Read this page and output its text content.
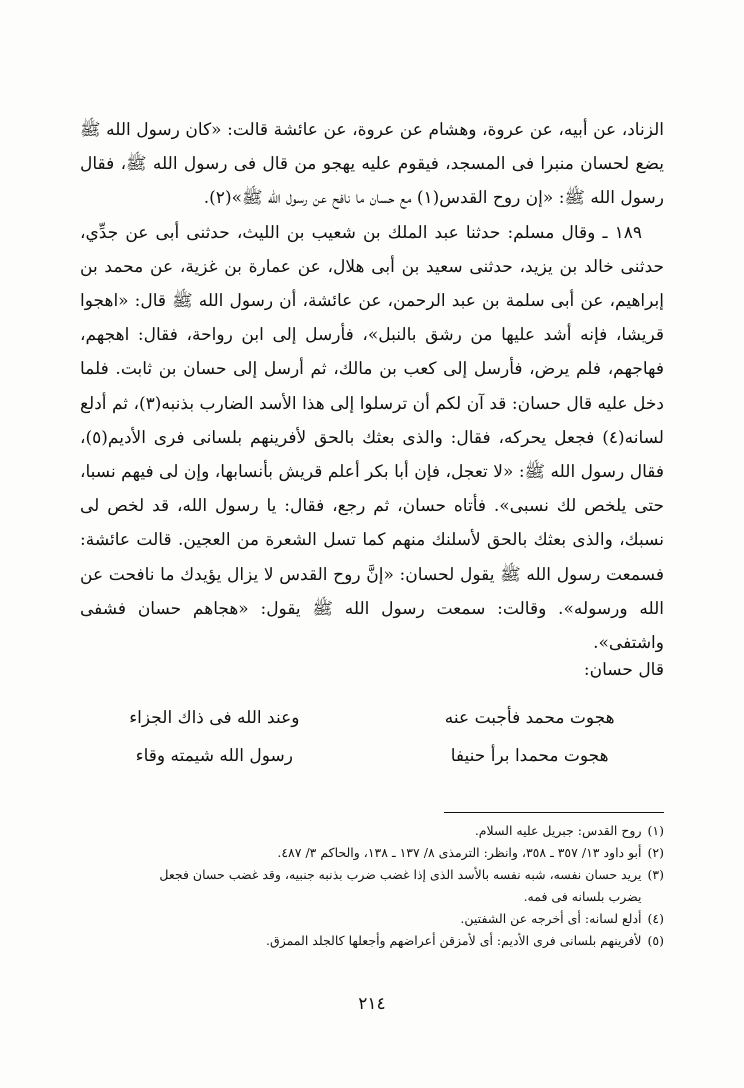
الزناد، عن أبيه، عن عروة، وهشام عن عروة، عن عائشة قالت: «كان رسول الله ﷺ يضع لحسان منبرا فى المسجد، فيقوم عليه يهجو من قال فى رسول الله ﷺ، فقال رسول الله ﷺ: «إن روح القدس(١) مع حسان ما نافح عن رسول الله ﷺ»(٢).

١٨٩ ـ وقال مسلم: حدثنا عبد الملك بن شعيب بن الليث، حدثنى أبى عن جدِّي، حدثنى خالد بن يزيد، حدثنى سعيد بن أبى هلال، عن عمارة بن غزية، عن محمد بن إبراهيم، عن أبى سلمة بن عبد الرحمن، عن عائشة، أن رسول الله ﷺ قال: «اهجوا قريشا، فإنه أشد عليها من رشق بالنبل»، فأرسل إلى ابن رواحة، فقال: اهجهم، فهاجهم، فلم يرض، فأرسل إلى كعب بن مالك، ثم أرسل إلى حسان بن ثابت. فلما دخل عليه قال حسان: قد آن لكم أن ترسلوا إلى هذا الأسد الضارب بذنبه(٣)، ثم أدلع لسانه(٤) فجعل يحركه، فقال: والذى بعثك بالحق لأفرينهم بلسانى فرى الأديم(٥)، فقال رسول الله ﷺ: «لا تعجل، فإن أبا بكر أعلم قريش بأنسابها، وإن لى فيهم نسبا، حتى يلخص لك نسبى». فأتاه حسان، ثم رجع، فقال: يا رسول الله، قد لخص لى نسبك، والذى بعثك بالحق لأسلنك منهم كما تسل الشعرة من العجين. قالت عائشة: فسمعت رسول الله ﷺ يقول لحسان: «إنَّ روح القدس لا يزال يؤيدك ما نافحت عن الله ورسوله». وقالت: سمعت رسول الله ﷺ يقول: «هجاهم حسان فشفى واشتفى».

قال حسان:
هجوت محمد فأجبت عنه
وعند الله فى ذاك الجزاء
هجوت محمدا برأ حنيفا
رسول الله شيمته وقاء
(١)
روح القدس: جبريل عليه السلام.
(٢)
أبو داود ١٣/ ٣٥٧ ـ ٣٥٨، وانظر: الترمذى ٨/ ١٣٧ ـ ١٣٨، والحاكم ٣/ ٤٨٧.
(٣)
يريد حسان نفسه، شبه نفسه بالأسد الذى إذا غضب ضرب بذنبه جنبيه، وقد غضب حسان فجعل
يضرب بلسانه فى فمه.
(٤)
أدلع لسانه: أى أخرجه عن الشفتين.
(٥)
لأفرينهم بلسانى فرى الأديم: أى لأمزقن أعراضهم وأجعلها كالجلد الممزق.
٢١٤
